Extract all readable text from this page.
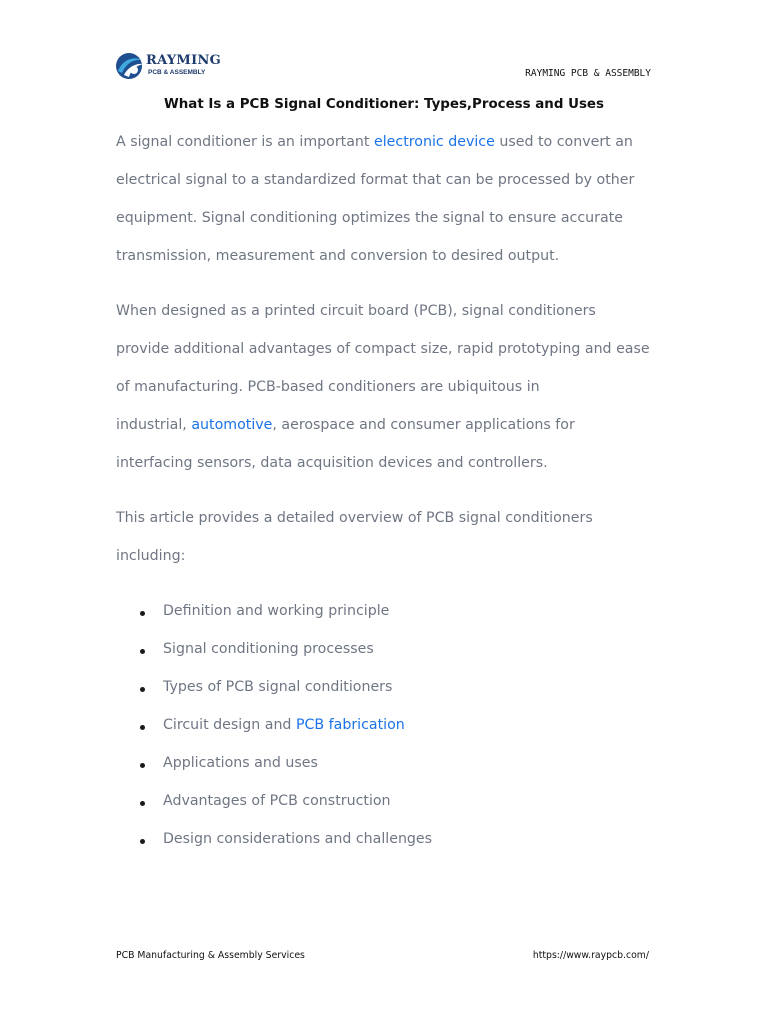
RAYMING
PCB & ASSEMBLY	RAYMING PCB & ASSEMBLY
What Is a PCB Signal Conditioner: Types,Process and Uses
A signal conditioner is an important electronic device used to convert an
electrical signal to a standardized format that can be processed by other
equipment. Signal conditioning optimizes the signal to ensure accurate
transmission, measurement and conversion to desired output.
When designed as a printed circuit board (PCB), signal conditioners
provide additional advantages of compact size, rapid prototyping and ease
of manufacturing. PCB-based conditioners are ubiquitous in
industrial, automotive, aerospace and consumer applications for
interfacing sensors, data acquisition devices and controllers.
This article provides a detailed overview of PCB signal conditioners
including:
Definition and working principle
Signal conditioning processes
Types of PCB signal conditioners
Circuit design and PCB fabrication
Applications and uses
Advantages of PCB construction
Design considerations and challenges
PCB Manufacturing & Assembly Services	https://www.raypcb.com/
